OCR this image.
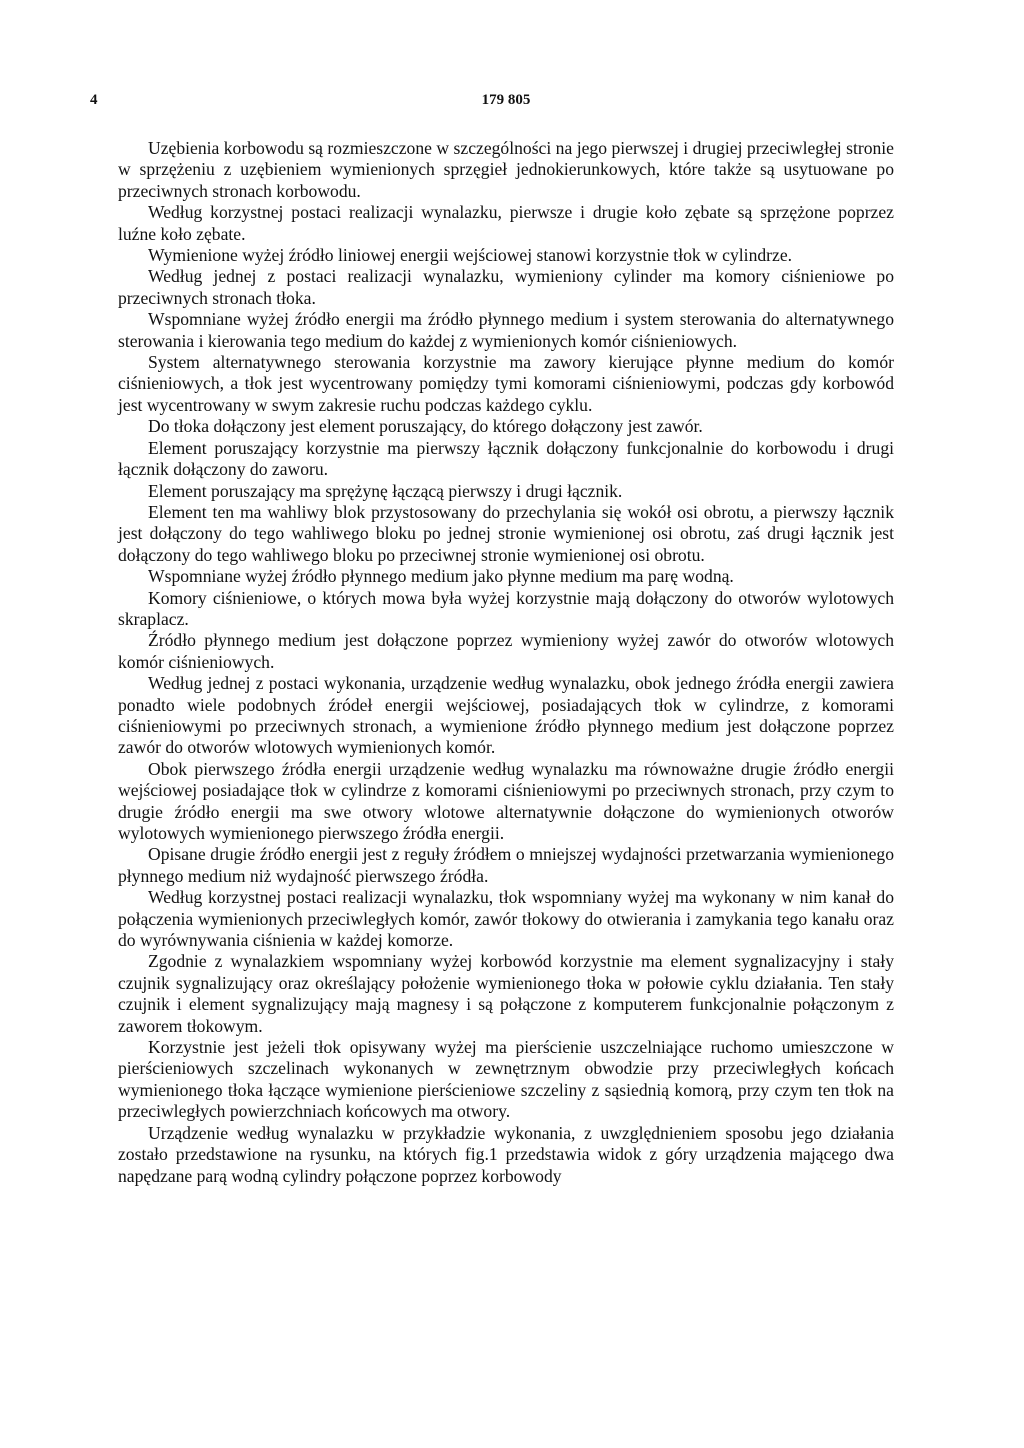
4	179 805

Uzębienia korbowodu są rozmieszczone w szczególności na jego pierwszej i drugiej przeciwległej stronie w sprzężeniu z uzębieniem wymienionych sprzęgieł jednokierunkowych, które także są usytuowane po przeciwnych stronach korbowodu.

Według korzystnej postaci realizacji wynalazku, pierwsze i drugie koło zębate są sprzężone poprzez luźne koło zębate.

Wymienione wyżej źródło liniowej energii wejściowej stanowi korzystnie tłok w cylindrze.

Według jednej z postaci realizacji wynalazku, wymieniony cylinder ma komory ciśnieniowe po przeciwnych stronach tłoka.

Wspomniane wyżej źródło energii ma źródło płynnego medium i system sterowania do alternatywnego sterowania i kierowania tego medium do każdej z wymienionych komór ciśnieniowych.

System alternatywnego sterowania korzystnie ma zawory kierujące płynne medium do komór ciśnieniowych, a tłok jest wycentrowany pomiędzy tymi komorami ciśnieniowymi, podczas gdy korbowód jest wycentrowany w swym zakresie ruchu podczas każdego cyklu.

Do tłoka dołączony jest element poruszający, do którego dołączony jest zawór.

Element poruszający korzystnie ma pierwszy łącznik dołączony funkcjonalnie do korbowodu i drugi łącznik dołączony do zaworu.

Element poruszający ma sprężynę łączącą pierwszy i drugi łącznik.

Element ten ma wahliwy blok przystosowany do przechylania się wokół osi obrotu, a pierwszy łącznik jest dołączony do tego wahliwego bloku po jednej stronie wymienionej osi obrotu, zaś drugi łącznik jest dołączony do tego wahliwego bloku po przeciwnej stronie wymienionej osi obrotu.

Wspomniane wyżej źródło płynnego medium jako płynne medium ma parę wodną.

Komory ciśnieniowe, o których mowa była wyżej korzystnie mają dołączony do otworów wylotowych skraplacz.

Źródło płynnego medium jest dołączone poprzez wymieniony wyżej zawór do otworów wlotowych komór ciśnieniowych.

Według jednej z postaci wykonania, urządzenie według wynalazku, obok jednego źródła energii zawiera ponadto wiele podobnych źródeł energii wejściowej, posiadających tłok w cylindrze, z komorami ciśnieniowymi po przeciwnych stronach, a wymienione źródło płynnego medium jest dołączone poprzez zawór do otworów wlotowych wymienionych komór.

Obok pierwszego źródła energii urządzenie według wynalazku ma równoważne drugie źródło energii wejściowej posiadające tłok w cylindrze z komorami ciśnieniowymi po przeciwnych stronach, przy czym to drugie źródło energii ma swe otwory wlotowe alternatywnie dołączone do wymienionych otworów wylotowych wymienionego pierwszego źródła energii.

Opisane drugie źródło energii jest z reguły źródłem o mniejszej wydajności przetwarzania wymienionego płynnego medium niż wydajność pierwszego źródła.

Według korzystnej postaci realizacji wynalazku, tłok wspomniany wyżej ma wykonany w nim kanał do połączenia wymienionych przeciwległych komór, zawór tłokowy do otwierania i zamykania tego kanału oraz do wyrównywania ciśnienia w każdej komorze.

Zgodnie z wynalazkiem wspomniany wyżej korbowód korzystnie ma element sygnalizacyjny i stały czujnik sygnalizujący oraz określający położenie wymienionego tłoka w połowie cyklu działania. Ten stały czujnik i element sygnalizujący mają magnesy i są połączone z komputerem funkcjonalnie połączonym z zaworem tłokowym.

Korzystnie jest jeżeli tłok opisywany wyżej ma pierścienie uszczelniające ruchomo umieszczone w pierścieniowych szczelinach wykonanych w zewnętrznym obwodzie przy przeciwległych końcach wymienionego tłoka łączące wymienione pierścieniowe szczeliny z sąsiednią komorą, przy czym ten tłok na przeciwległych powierzchniach końcowych ma otwory.

Urządzenie według wynalazku w przykładzie wykonania, z uwzględnieniem sposobu jego działania zostało przedstawione na rysunku, na których fig.1 przedstawia widok z góry urządzenia mającego dwa napędzane parą wodną cylindry połączone poprzez korbowody
